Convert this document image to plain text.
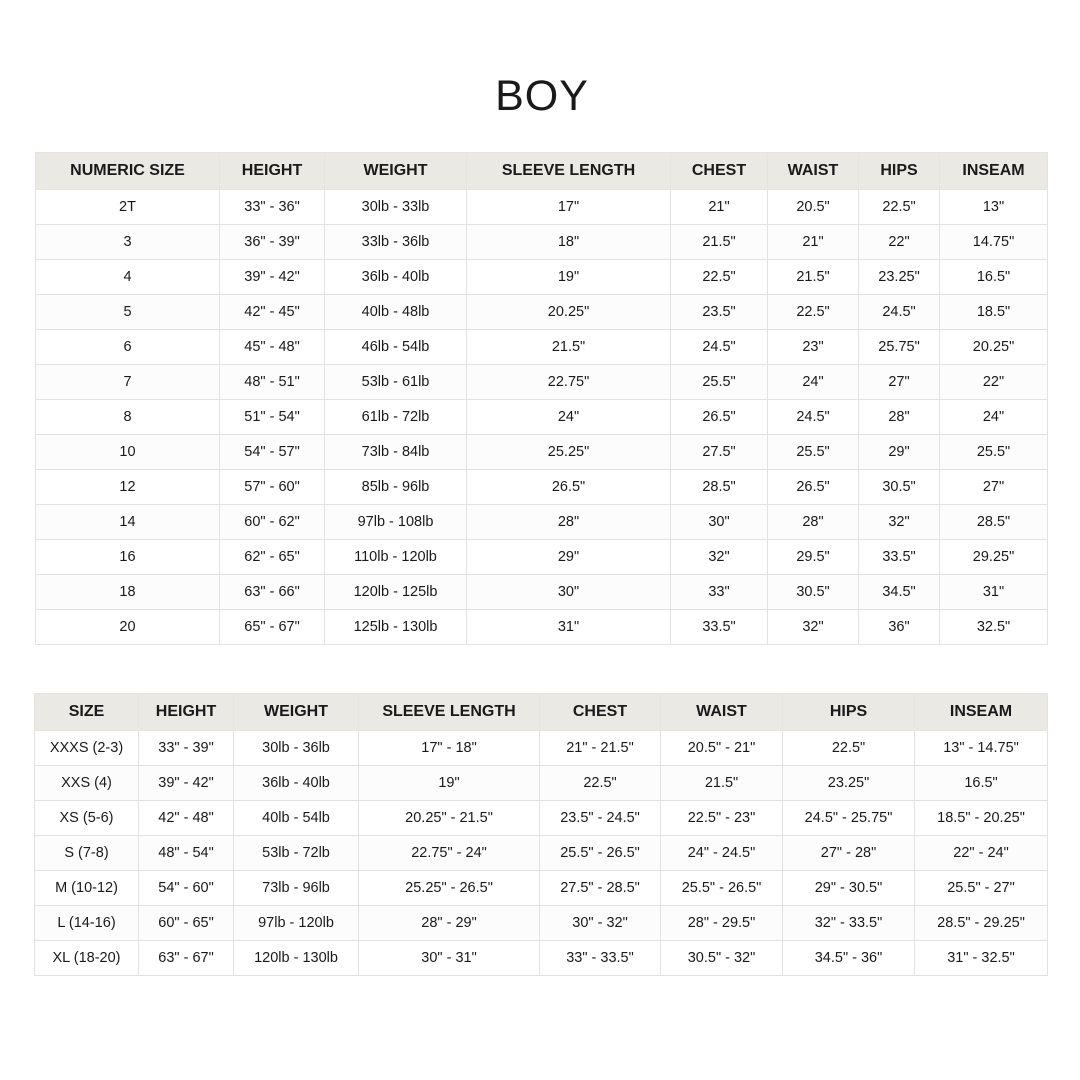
BOY
NUMERIC SIZE	HEIGHT	WEIGHT	SLEEVE LENGTH	CHEST	WAIST	HIPS	INSEAM
2T	33" - 36"	30lb - 33lb	17"	21"	20.5"	22.5"	13"
3	36" - 39"	33lb - 36lb	18"	21.5"	21"	22"	14.75"
4	39" - 42"	36lb - 40lb	19"	22.5"	21.5"	23.25"	16.5"
5	42" - 45"	40lb - 48lb	20.25"	23.5"	22.5"	24.5"	18.5"
6	45" - 48"	46lb - 54lb	21.5"	24.5"	23"	25.75"	20.25"
7	48" - 51"	53lb - 61lb	22.75"	25.5"	24"	27"	22"
8	51" - 54"	61lb - 72lb	24"	26.5"	24.5"	28"	24"
10	54" - 57"	73lb - 84lb	25.25"	27.5"	25.5"	29"	25.5"
12	57" - 60"	85lb - 96lb	26.5"	28.5"	26.5"	30.5"	27"
14	60" - 62"	97lb - 108lb	28"	30"	28"	32"	28.5"
16	62" - 65"	110lb - 120lb	29"	32"	29.5"	33.5"	29.25"
18	63" - 66"	120lb - 125lb	30"	33"	30.5"	34.5"	31"
20	65" - 67"	125lb - 130lb	31"	33.5"	32"	36"	32.5"
SIZE	HEIGHT	WEIGHT	SLEEVE LENGTH	CHEST	WAIST	HIPS	INSEAM
XXXS (2-3)	33" - 39"	30lb - 36lb	17" - 18"	21" - 21.5"	20.5" - 21"	22.5"	13" - 14.75"
XXS (4)	39" - 42"	36lb - 40lb	19"	22.5"	21.5"	23.25"	16.5"
XS (5-6)	42" - 48"	40lb - 54lb	20.25" - 21.5"	23.5" - 24.5"	22.5" - 23"	24.5" - 25.75"	18.5" - 20.25"
S (7-8)	48" - 54"	53lb - 72lb	22.75" - 24"	25.5" - 26.5"	24" - 24.5"	27" - 28"	22" - 24"
M (10-12)	54" - 60"	73lb - 96lb	25.25" - 26.5"	27.5" - 28.5"	25.5" - 26.5"	29" - 30.5"	25.5" - 27"
L (14-16)	60" - 65"	97lb - 120lb	28" - 29"	30" - 32"	28" - 29.5"	32" - 33.5"	28.5" - 29.25"
XL (18-20)	63" - 67"	120lb - 130lb	30" - 31"	33" - 33.5"	30.5" - 32"	34.5" - 36"	31" - 32.5"
